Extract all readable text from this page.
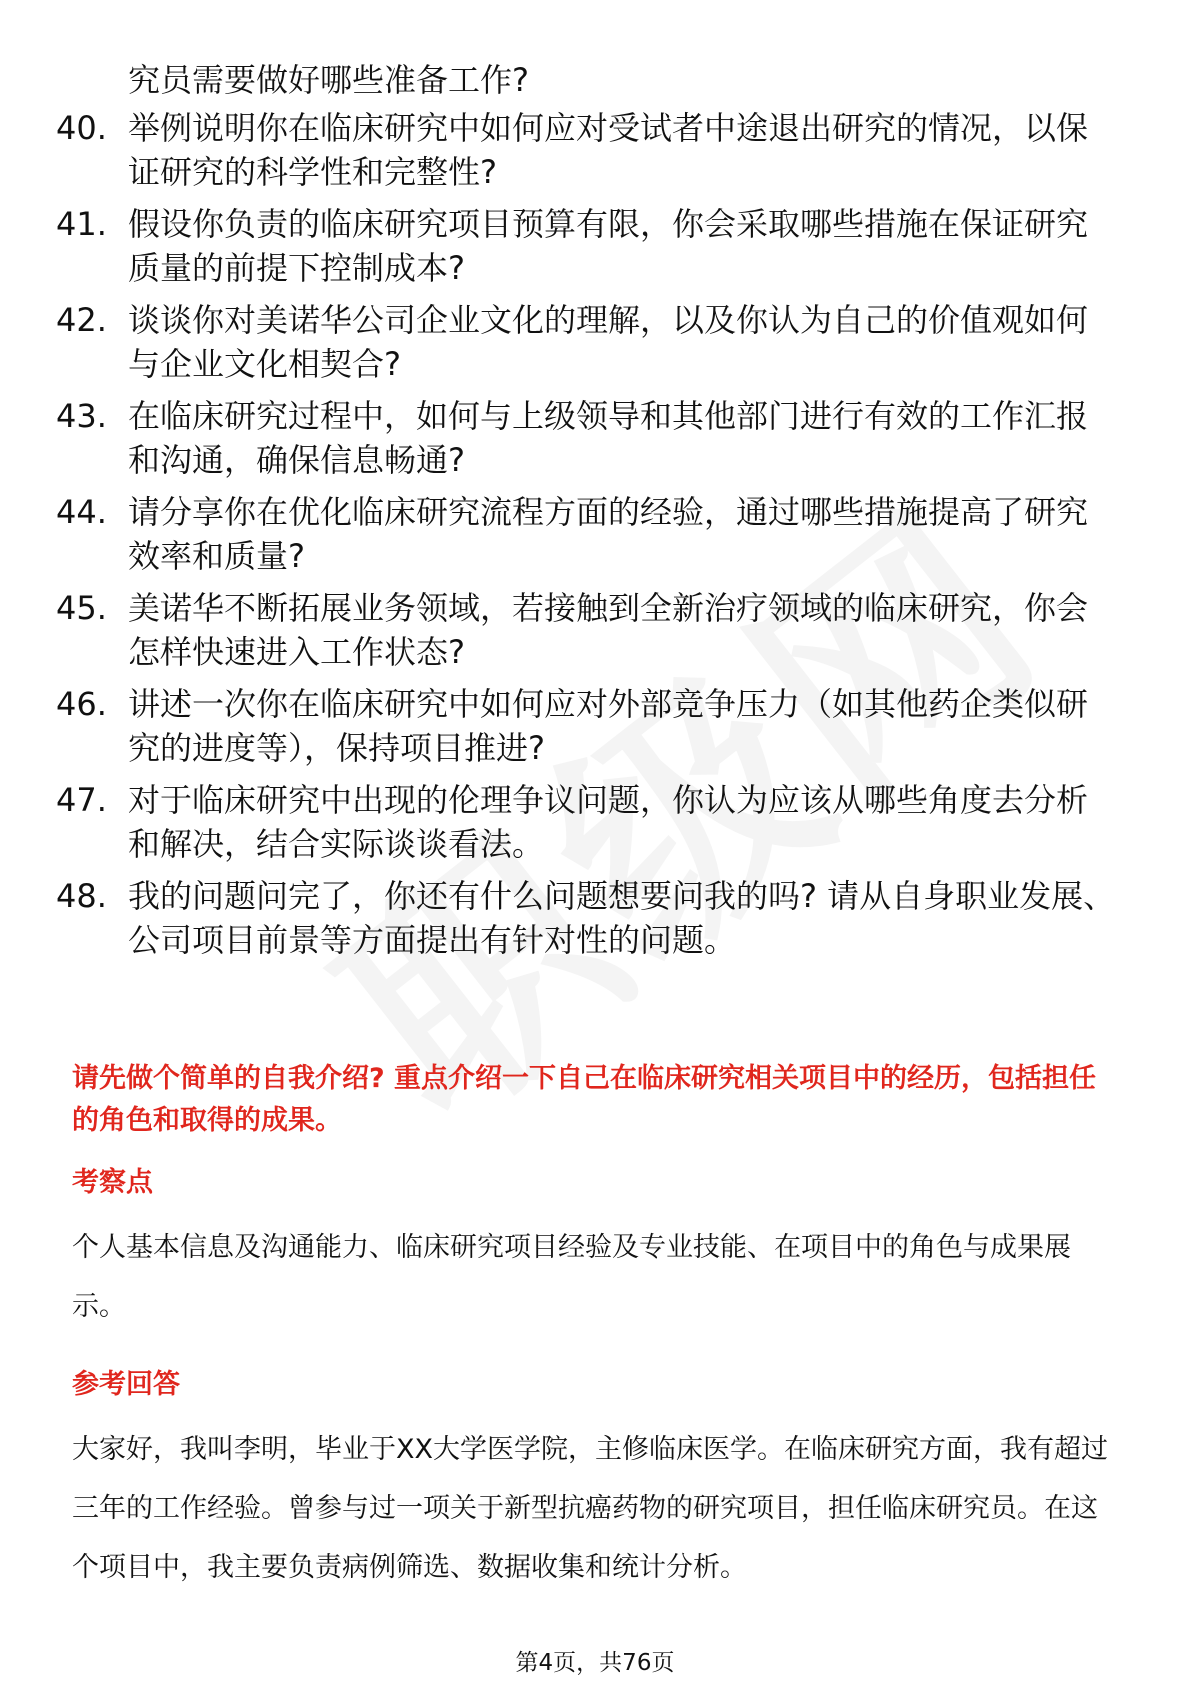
究员需要做好哪些准备工作?
40. 举例说明你在临床研究中如何应对受试者中途退出研究的情况，以保证研究的科学性和完整性?
41. 假设你负责的临床研究项目预算有限，你会采取哪些措施在保证研究质量的前提下控制成本?
42. 谈谈你对美诺华公司企业文化的理解，以及你认为自己的价值观如何与企业文化相契合?
43. 在临床研究过程中，如何与上级领导和其他部门进行有效的工作汇报和沟通，确保信息畅通?
44. 请分享你在优化临床研究流程方面的经验，通过哪些措施提高了研究效率和质量?
45. 美诺华不断拓展业务领域，若接触到全新治疗领域的临床研究，你会怎样快速进入工作状态?
46. 讲述一次你在临床研究中如何应对外部竞争压力（如其他药企类似研究的进度等），保持项目推进?
47. 对于临床研究中出现的伦理争议问题，你认为应该从哪些角度去分析和解决，结合实际谈谈看法。
48. 我的问题问完了，你还有什么问题想要问我的吗? 请从自身职业发展、公司项目前景等方面提出有针对性的问题。
请先做个简单的自我介绍? 重点介绍一下自己在临床研究相关项目中的经历，包括担任的角色和取得的成果。
考察点
个人基本信息及沟通能力、临床研究项目经验及专业技能、在项目中的角色与成果展示。
参考回答
大家好，我叫李明，毕业于XX大学医学院，主修临床医学。在临床研究方面，我有超过三年的工作经验。曾参与过一项关于新型抗癌药物的研究项目，担任临床研究员。在这个项目中，我主要负责病例筛选、数据收集和统计分析。
第4页，共76页
